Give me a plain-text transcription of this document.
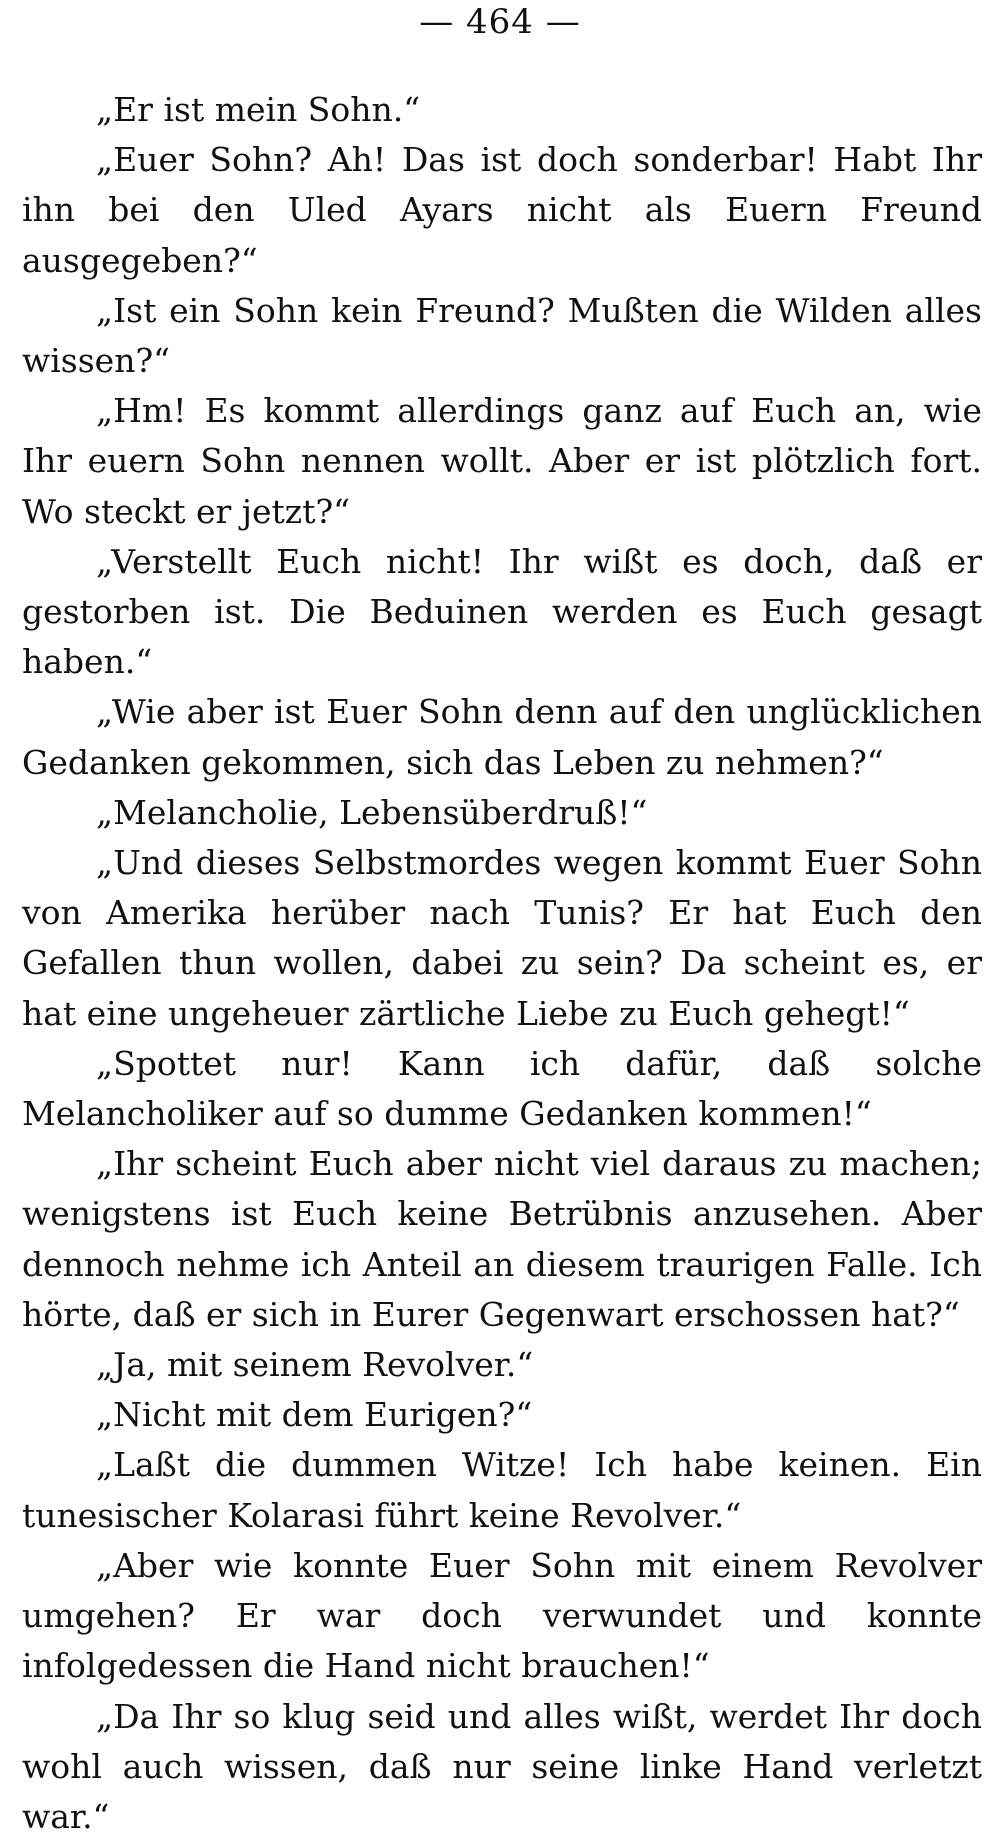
— 464 —

„Er ist mein Sohn.“

„Euer Sohn? Ah! Das ist doch sonderbar! Habt Ihr ihn bei den Uled Ayars nicht als Euern Freund ausgegeben?“

„Ist ein Sohn kein Freund? Mußten die Wilden alles wissen?“

„Hm! Es kommt allerdings ganz auf Euch an, wie Ihr euern Sohn nennen wollt. Aber er ist plötzlich fort. Wo steckt er jetzt?“

„Verstellt Euch nicht! Ihr wißt es doch, daß er gestorben ist. Die Beduinen werden es Euch gesagt haben.“

„Wie aber ist Euer Sohn denn auf den unglücklichen Gedanken gekommen, sich das Leben zu nehmen?“

„Melancholie, Lebensüberdruß!“

„Und dieses Selbstmordes wegen kommt Euer Sohn von Amerika herüber nach Tunis? Er hat Euch den Gefallen thun wollen, dabei zu sein? Da scheint es, er hat eine ungeheuer zärtliche Liebe zu Euch gehegt!“

„Spottet nur! Kann ich dafür, daß solche Melancholiker auf so dumme Gedanken kommen!“

„Ihr scheint Euch aber nicht viel daraus zu machen; wenigstens ist Euch keine Betrübnis anzusehen. Aber dennoch nehme ich Anteil an diesem traurigen Falle. Ich hörte, daß er sich in Eurer Gegenwart erschossen hat?“

„Ja, mit seinem Revolver.“

„Nicht mit dem Eurigen?“

„Laßt die dummen Witze! Ich habe keinen. Ein tunesischer Kolarasi führt keine Revolver.“

„Aber wie konnte Euer Sohn mit einem Revolver umgehen? Er war doch verwundet und konnte infolgedessen die Hand nicht brauchen!“

„Da Ihr so klug seid und alles wißt, werdet Ihr doch wohl auch wissen, daß nur seine linke Hand verletzt war.“
